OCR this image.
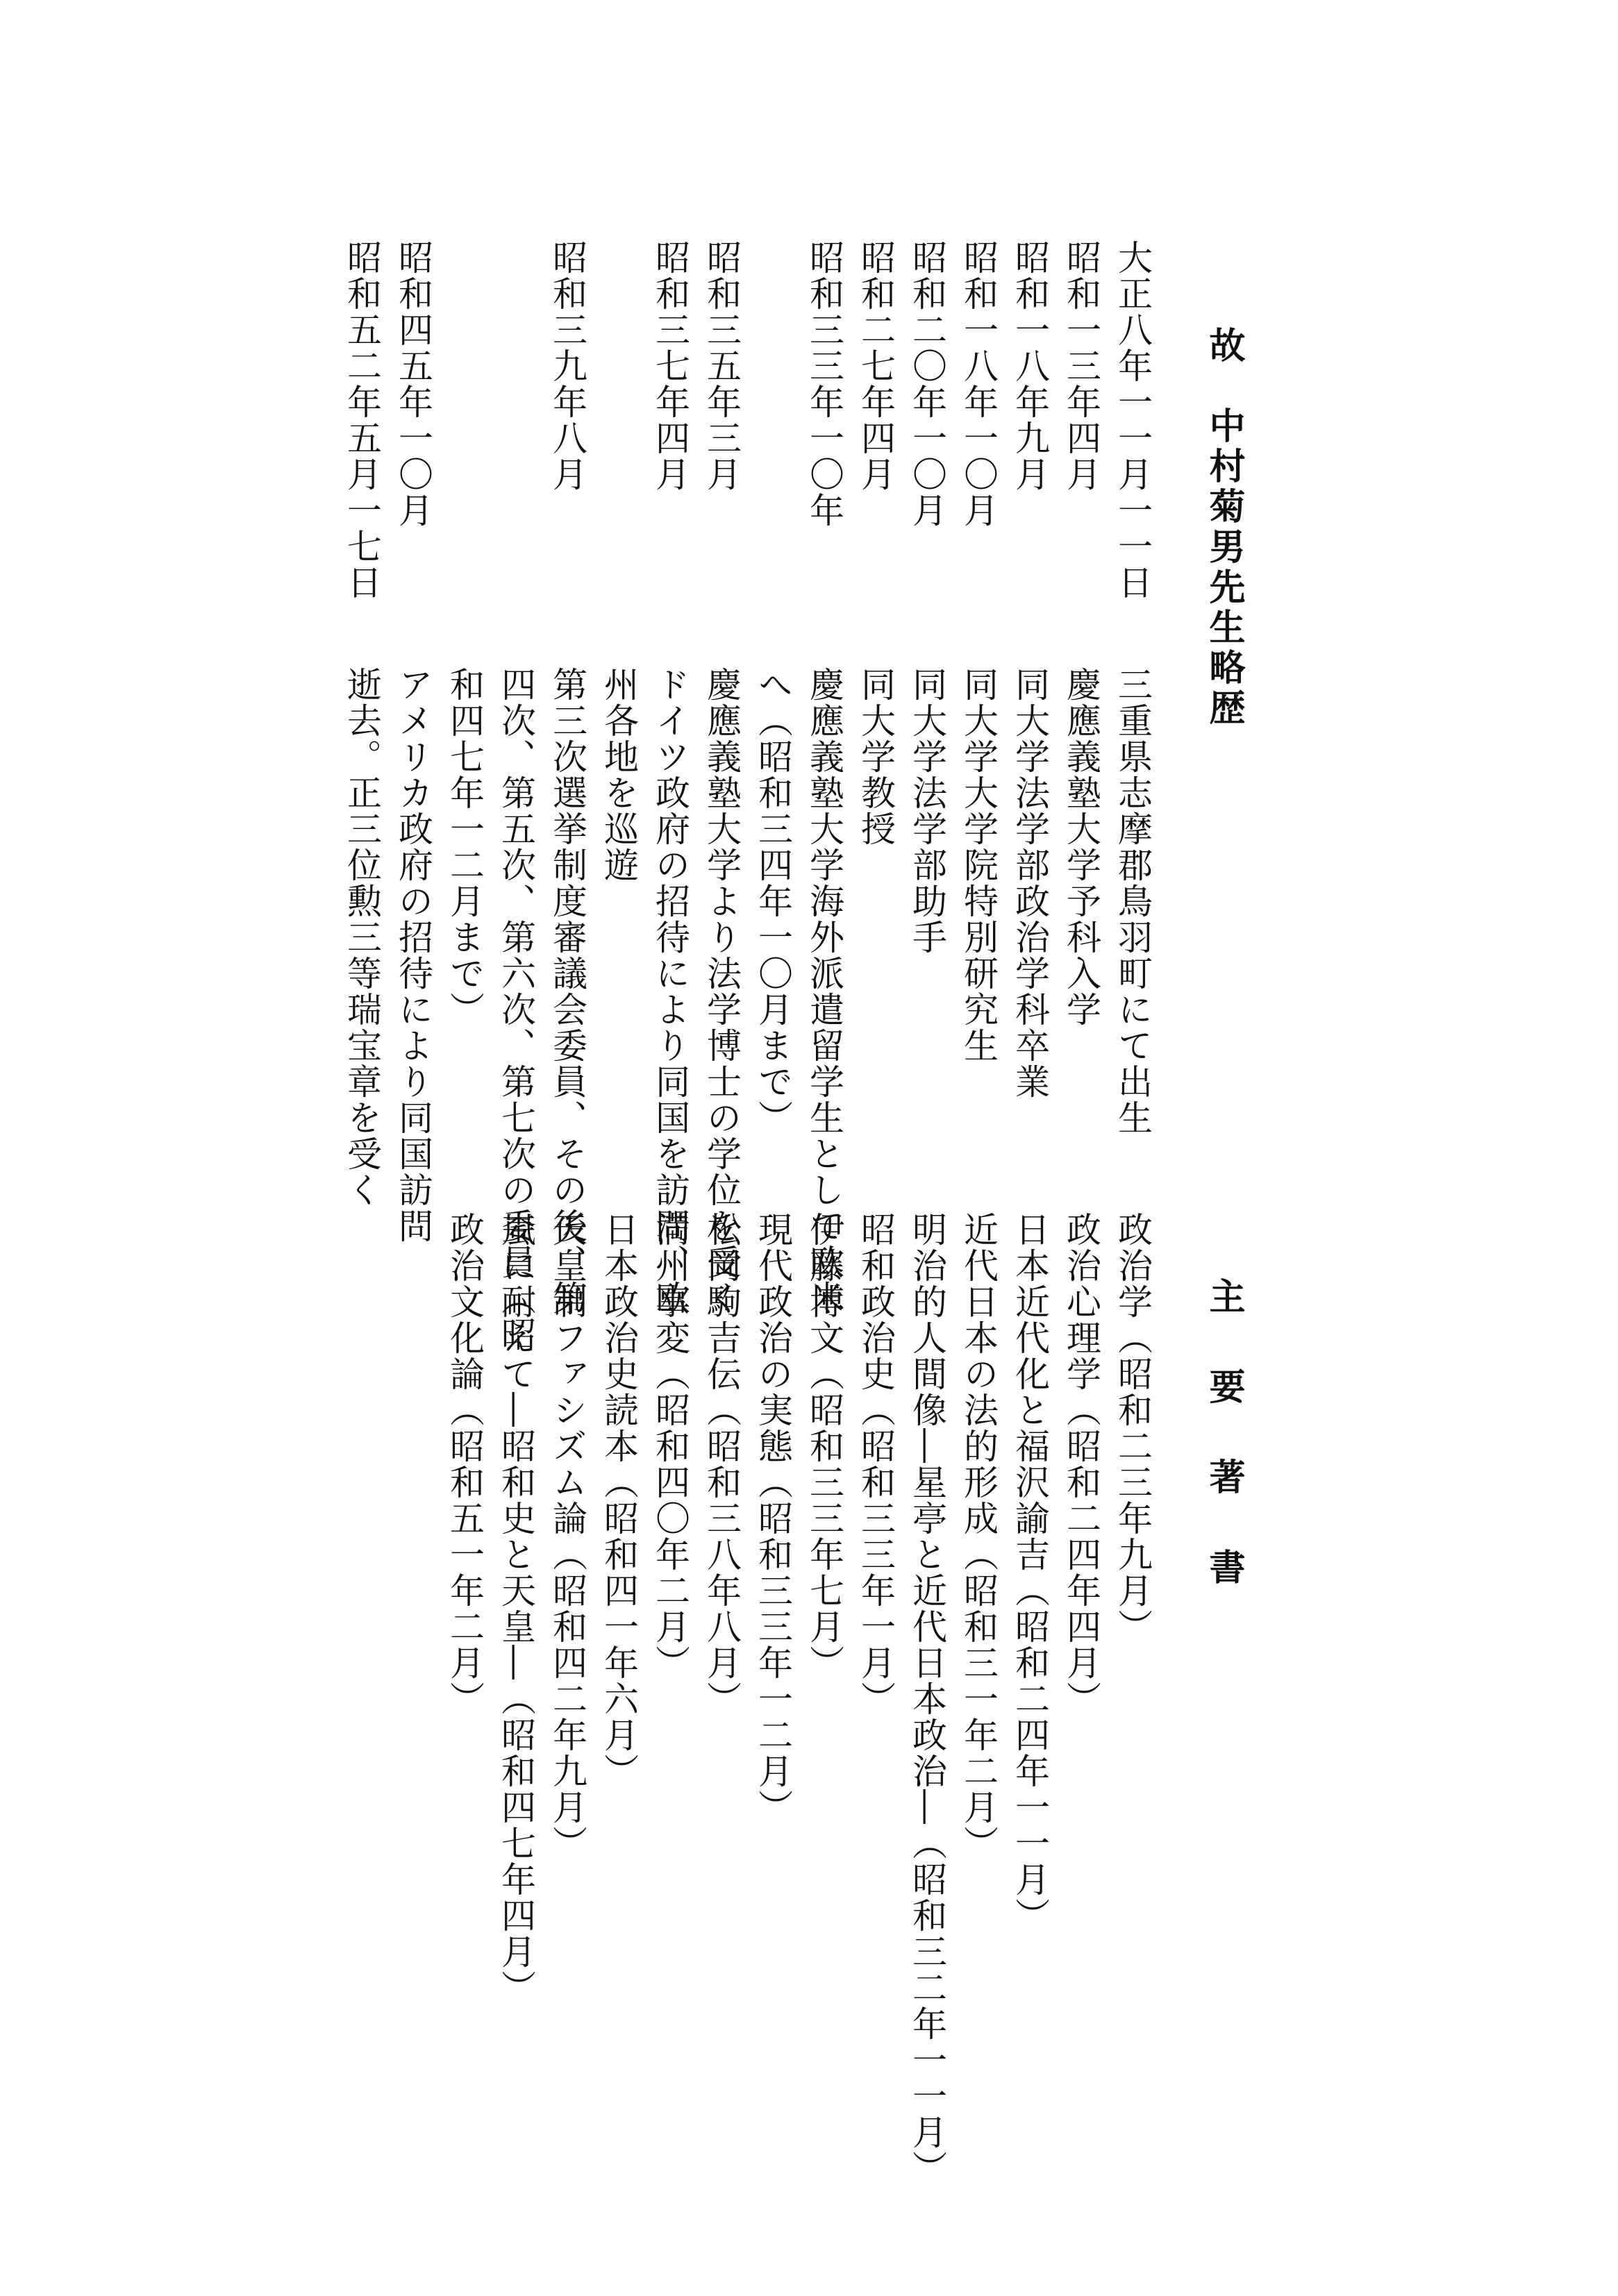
故　中村菊男先生略歴
大正八年一一月一一日
三重県志摩郡鳥羽町にて出生
昭和一三年四月
慶應義塾大学予科入学
昭和一八年九月
同大学法学部政治学科卒業
昭和一八年一〇月
同大学大学院特別研究生
昭和二〇年一〇月
同大学法学部助手
昭和二七年四月
同大学教授
昭和三三年一〇年
慶應義塾大学海外派遣留学生として欧米
へ（昭和三四年一〇月まで）
昭和三五年三月
慶應義塾大学より法学博士の学位を受く
昭和三七年四月
ドイツ政府の招待により同国を訪問、欧
州各地を巡遊
昭和三九年八月
第三次選挙制度審議会委員、その後、第
四次、第五次、第六次、第七次の委員（昭
和四七年一二月まで）
昭和四五年一〇月
アメリカ政府の招待により同国訪問
昭和五二年五月一七日
逝去。正三位勲三等瑞宝章を受く
主要著書
政治学（昭和二三年九月）
政治心理学（昭和二四年四月）
日本近代化と福沢諭吉（昭和二四年一一月）
近代日本の法的形成（昭和三一年二月）
明治的人間像―星亭と近代日本政治―（昭和三二年一一月）
昭和政治史（昭和三三年一月）
伊藤博文（昭和三三年七月）
現代政治の実態（昭和三三年一二月）
松岡駒吉伝（昭和三八年八月）
満州事変（昭和四〇年二月）
日本政治史読本（昭和四一年六月）
天皇制ファシズム論（昭和四二年九月）
嵐に耐えて―昭和史と天皇―（昭和四七年四月）
政治文化論（昭和五一年二月）
